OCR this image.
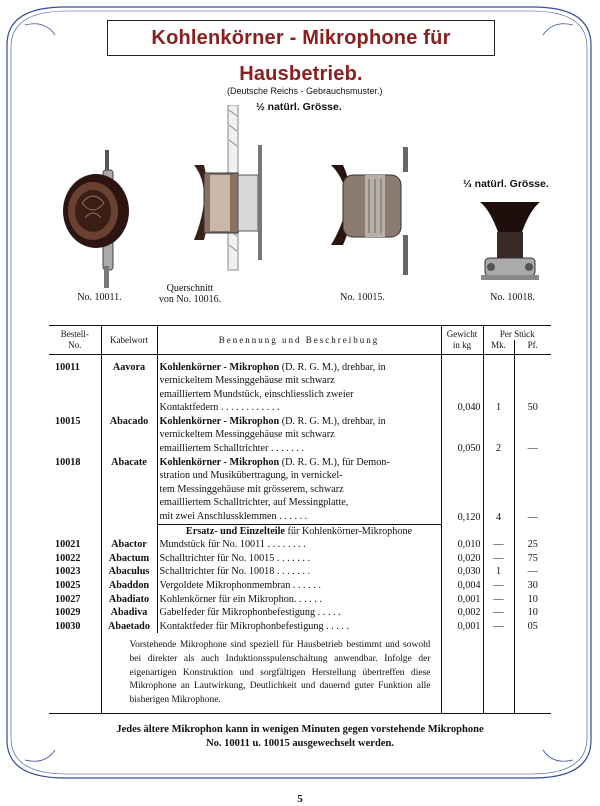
Kohlenkörner - Mikrophone für Hausbetrieb.
(Deutsche Reichs - Gebrauchsmuster.)
½ natürl. Grösse.
⅓ natürl. Grösse.
No. 10011.
Querschnitt
von No. 10016.	No. 10015.	No. 10018.
Bestell-
No.	Kabelwort	Benennung und Beschreibung	Gewicht
in kg	Per Stück	
				Mk.	Pf.

10011	Aavora	Kohlenkörner - Mikrophon (D. R. G. M.), drehbar, in
vernickeltem Messinggehäuse mit schwarz
emailliertem Mundstück, einschliesslich zweier
Kontaktfedern . . . . . . . . . . . .	0,040	1	50
10015	Abacado	Kohlenkörner - Mikrophon (D. R. G. M.), drehbar, in
vernickeltem Messinggehäuse mit schwarz
emailliertem Schalltrichter . . . . . . .	0,050	2	—
10018	Abacate	Kohlenkörner - Mikrophon (D. R. G. M.), für Demon-
stration und Musikübertragung, in vernickel-
tem Messinggehäuse mit grösserem, schwarz
emailliertem Schalltrichter, auf Messingplatte,
mit zwei Anschlussklemmen . . . . . .	0,120	4	—
		Ersatz- und Einzelteile für Kohlenkörner-Mikrophone			
10021	Abactor	Mundstück für No. 10011 . . . . . . . .	0,010	—	25
10022	Abactum	Schalltrichter für No. 10015 . . . . . . .	0,020	—	75
10023	Abaculus	Schalltrichter für No. 10018 . . . . . . .	0,030	1	—
10025	Abaddon	Vergoldete Mikrophonmembran . . . . . .	0,004	—	30
10027	Abadiato	Kohlenkörner für ein Mikrophon. . . . . .	0,001	—	10
10029	Abadiva	Gabelfeder für Mikrophonbefestigung . . . . .	0,002	—	10
10030	Abaetado	Kontaktfeder für Mikrophonbefestigung . . . . .	0,001	—	05
	Vorstehende Mikrophone sind speziell für Hausbetrieb bestimmt und sowohl bei direkter als auch Induktionsspulenschaltung anwendbar. Infolge der eigenartigen Konstruktion und sorgfältigen Herstellung übertreffen diese Mikrophone an Lautwirkung, Deutlichkeit und dauernd guter Funktion alle bisherigen Mikrophone.				
Jedes ältere Mikrophon kann in wenigen Minuten gegen vorstehende Mikrophone
No. 10011 u. 10015 ausgewechselt werden.
5
